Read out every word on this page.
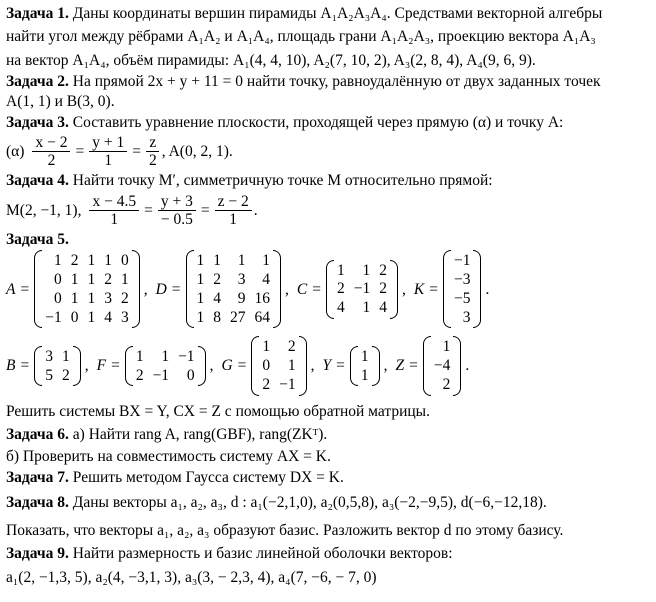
Задача 1. Даны координаты вершин пирамиды A₁A₂A₃A₄. Средствами векторной алгебры
найти угол между рёбрами A₁A₂ и A₁A₄, площадь грани A₁A₂A₃, проекцию вектора A₁A₃
на вектор A₁A₄, объём пирамиды: A₁(4, 4, 10), A₂(7, 10, 2), A₃(2, 8, 4), A₄(9, 6, 9).
Задача 2. На прямой 2x + y + 11 = 0 найти точку, равноудалённую от двух заданных точек
A(1, 1) и B(3, 0).
Задача 3. Составить уравнение плоскости, проходящей через прямую (α) и точку A:
$(\alpha) \frac{x - 2}{2} = \frac{y + 1}{1} = \frac{z}{2}$ , A(0, 2, 1).
Задача 4. Найти точку M′, симметричную точке M относительно прямой:
M(2, −1, 1), $\frac{x - 4.5}{1} = \frac{y + 3}{- 0.5} = \frac{z - 2}{1}$ .
Задача 5.
A =
1 2 1 1 0
0 1 1 2 1
0 1 1 3 2
−1 0 1 4 3
, D =
1 1	1	1
1 2	3	4
1 4	9 16
1 8 27 64
, C =
1	1 2
2 −1 2
4	1 4
, K =
−1
−3
−5
3
.
B =
3 1
5 2
, F =
1	1 −1
2 −1	0
, G =
1	2
0	1
2 −1
, Y =
1
1
, Z =
1
−4
2
.
Решить системы BX = Y, CX = Z с помощью обратной матрицы.
Задача 6. а) Найти rang A, rang(GBF), rang(ZKᵀ).
б) Проверить на совместимость систему AX = K.
Задача 7. Решить методом Гаусса систему DX = K.
Задача 8. Даны векторы a₁, a₂, a₃, d : a₁(−2,1,0), a₂(0,5,8), a₃(−2,−9,5), d(−6,−12,18).
Показать, что векторы a₁, a₂, a₃ образуют базис. Разложить вектор d по этому базису.
Задача 9. Найти размерность и базис линейной оболочки векторов:
a₁(2, −1,3, 5), a₂(4, −3,1, 3), a₃(3, − 2,3, 4), a₄(7, −6, − 7, 0)
